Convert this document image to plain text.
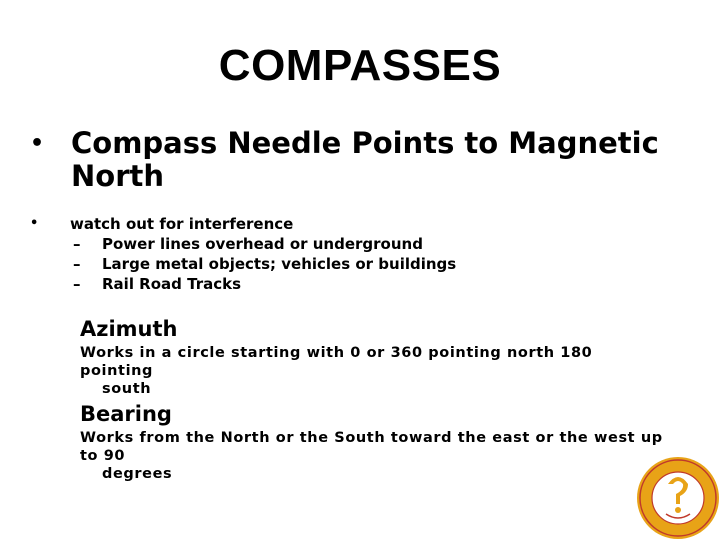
COMPASSES
• Compass Needle Points to Magnetic North
• watch out for interference
– Power lines overhead or underground
– Large metal objects; vehicles or buildings
– Rail Road Tracks
Azimuth
Works in a circle starting with 0 or 360 pointing north 180 pointing
south
Bearing
Works from the North or the South toward the east or the west up to 90
degrees
